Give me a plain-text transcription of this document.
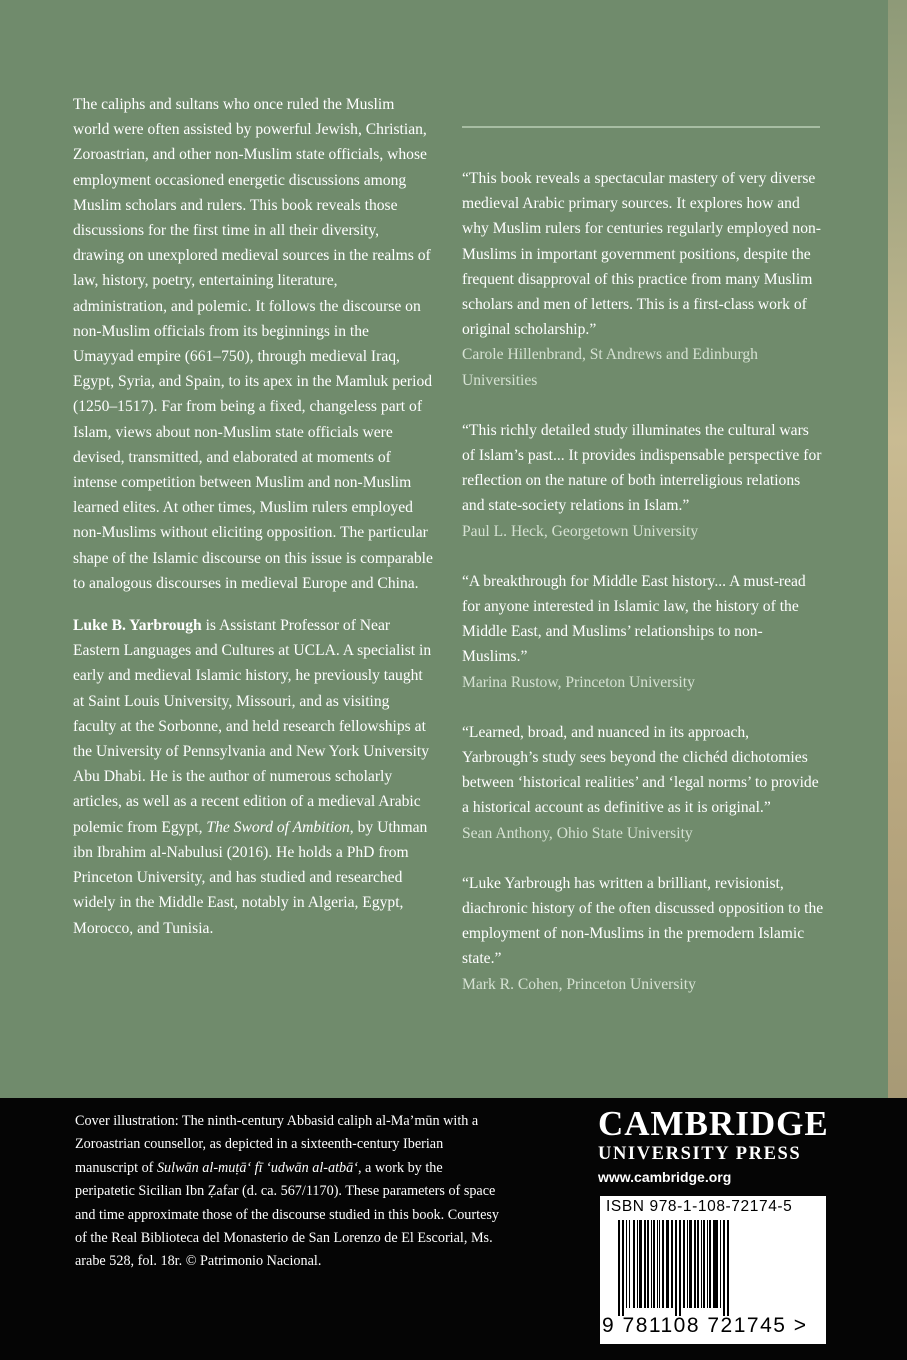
The caliphs and sultans who once ruled the Muslim world were often assisted by powerful Jewish, Christian, Zoroastrian, and other non-Muslim state officials, whose employment occasioned energetic discussions among Muslim scholars and rulers. This book reveals those discussions for the first time in all their diversity, drawing on unexplored medieval sources in the realms of law, history, poetry, entertaining literature, administration, and polemic. It follows the discourse on non-Muslim officials from its beginnings in the Umayyad empire (661–750), through medieval Iraq, Egypt, Syria, and Spain, to its apex in the Mamluk period (1250–1517). Far from being a fixed, changeless part of Islam, views about non-Muslim state officials were devised, transmitted, and elaborated at moments of intense competition between Muslim and non-Muslim learned elites. At other times, Muslim rulers employed non-Muslims without eliciting opposition. The particular shape of the Islamic discourse on this issue is comparable to analogous discourses in medieval Europe and China.

Luke B. Yarbrough is Assistant Professor of Near Eastern Languages and Cultures at UCLA. A specialist in early and medieval Islamic history, he previously taught at Saint Louis University, Missouri, and as visiting faculty at the Sorbonne, and held research fellowships at the University of Pennsylvania and New York University Abu Dhabi. He is the author of numerous scholarly articles, as well as a recent edition of a medieval Arabic polemic from Egypt, The Sword of Ambition, by Uthman ibn Ibrahim al-Nabulusi (2016). He holds a PhD from Princeton University, and has studied and researched widely in the Middle East, notably in Algeria, Egypt, Morocco, and Tunisia.

“This book reveals a spectacular mastery of very diverse medieval Arabic primary sources. It explores how and why Muslim rulers for centuries regularly employed non-Muslims in important government positions, despite the frequent disapproval of this practice from many Muslim scholars and men of letters. This is a first-class work of original scholarship.”

Carole Hillenbrand, St Andrews and Edinburgh Universities

“This richly detailed study illuminates the cultural wars of Islam’s past... It provides indispensable perspective for reflection on the nature of both interreligious relations and state-society relations in Islam.”

Paul L. Heck, Georgetown University

“A breakthrough for Middle East history... A must-read for anyone interested in Islamic law, the history of the Middle East, and Muslims’ relationships to non-Muslims.”

Marina Rustow, Princeton University

“Learned, broad, and nuanced in its approach, Yarbrough’s study sees beyond the clichéd dichotomies between ‘historical realities’ and ‘legal norms’ to provide a historical account as definitive as it is original.”

Sean Anthony, Ohio State University

“Luke Yarbrough has written a brilliant, revisionist, diachronic history of the often discussed opposition to the employment of non-Muslims in the premodern Islamic state.”

Mark R. Cohen, Princeton University

Cover illustration: The ninth-century Abbasid caliph al-Ma’mūn with a Zoroastrian counsellor, as depicted in a sixteenth-century Iberian manuscript of Sulwān al-muṭā‘ fī ‘udwān al-atbā‘, a work by the peripatetic Sicilian Ibn Ẓafar (d. ca. 567/1170). These parameters of space and time approximate those of the discourse studied in this book. Courtesy of the Real Biblioteca del Monasterio de San Lorenzo de El Escorial, Ms. arabe 528, fol. 18r. © Patrimonio Nacional.
CAMBRIDGE
UNIVERSITY PRESS
www.cambridge.org
ISBN 978-1-108-72174-5
9 781108 721745 >
